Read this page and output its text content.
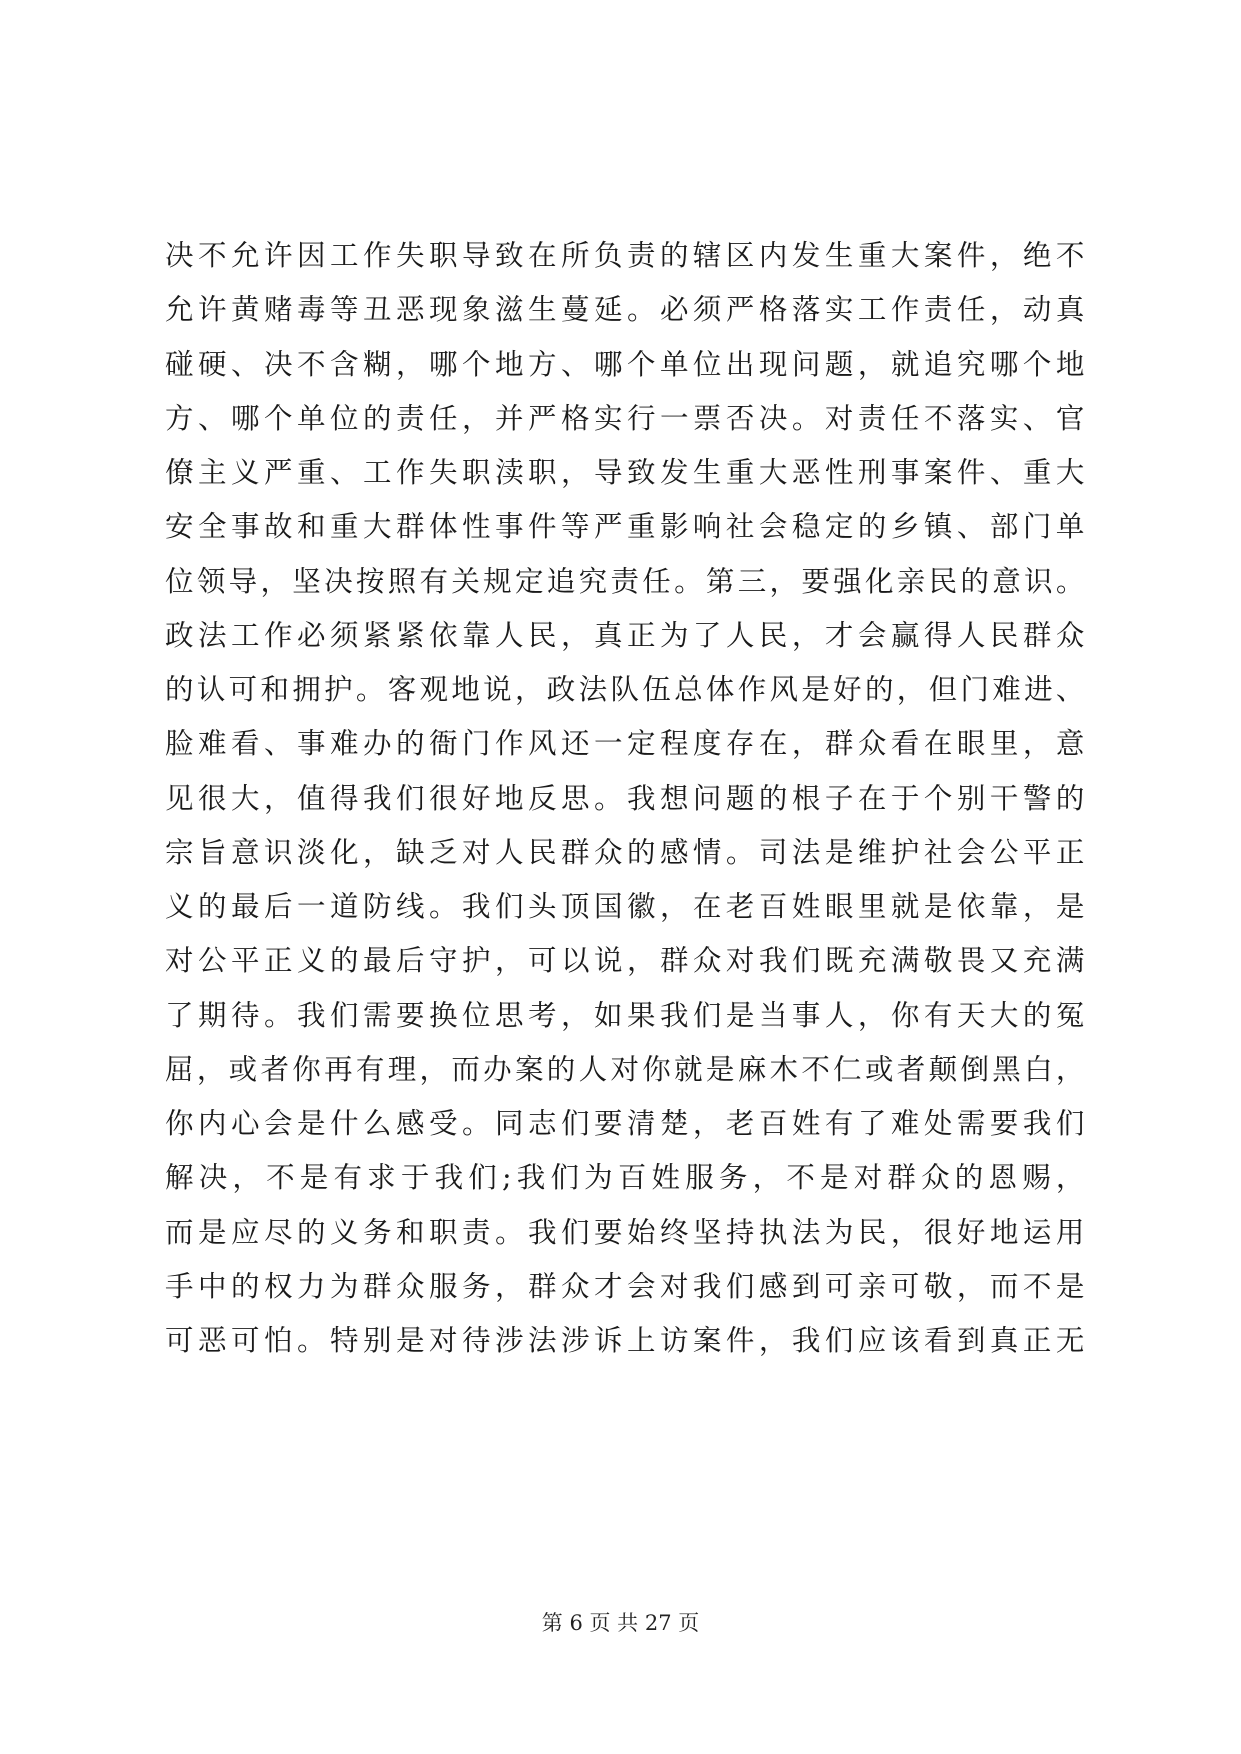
决不允许因工作失职导致在所负责的辖区内发生重大案件，绝不
允许黄赌毒等丑恶现象滋生蔓延。必须严格落实工作责任，动真
碰硬、决不含糊，哪个地方、哪个单位出现问题，就追究哪个地
方、哪个单位的责任，并严格实行一票否决。对责任不落实、官
僚主义严重、工作失职渎职，导致发生重大恶性刑事案件、重大
安全事故和重大群体性事件等严重影响社会稳定的乡镇、部门单
位领导，坚决按照有关规定追究责任。第三，要强化亲民的意识。
政法工作必须紧紧依靠人民，真正为了人民，才会赢得人民群众
的认可和拥护。客观地说，政法队伍总体作风是好的，但门难进、
脸难看、事难办的衙门作风还一定程度存在，群众看在眼里，意
见很大，值得我们很好地反思。我想问题的根子在于个别干警的
宗旨意识淡化，缺乏对人民群众的感情。司法是维护社会公平正
义的最后一道防线。我们头顶国徽，在老百姓眼里就是依靠，是
对公平正义的最后守护，可以说，群众对我们既充满敬畏又充满
了期待。我们需要换位思考，如果我们是当事人，你有天大的冤
屈，或者你再有理，而办案的人对你就是麻木不仁或者颠倒黑白，
你内心会是什么感受。同志们要清楚，老百姓有了难处需要我们
解决，不是有求于我们;我们为百姓服务，不是对群众的恩赐，
而是应尽的义务和职责。我们要始终坚持执法为民，很好地运用
手中的权力为群众服务，群众才会对我们感到可亲可敬，而不是
可恶可怕。特别是对待涉法涉诉上访案件，我们应该看到真正无
第 6 页 共 27 页
